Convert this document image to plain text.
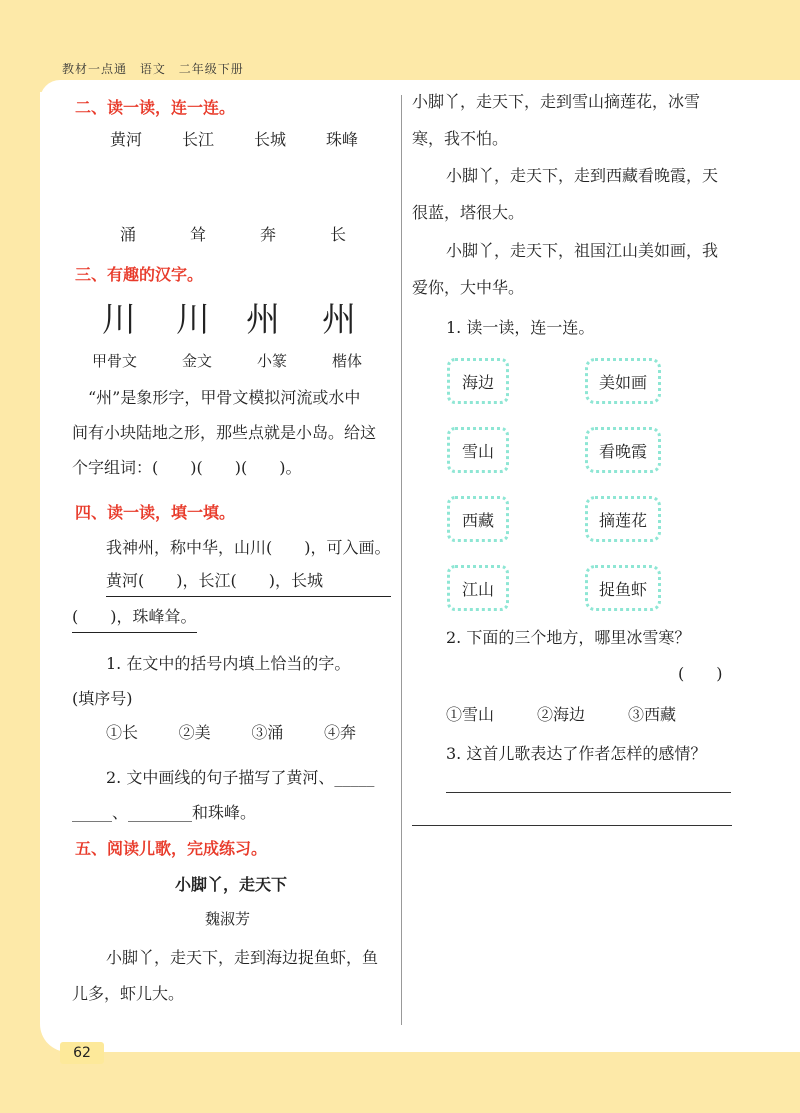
教材一点通 语文 二年级下册
二、读一读，连一连。
黄河 长江 长城 珠峰
涌	耸	奔	长
三、有趣的汉字。
川 川 州 州
甲骨文	金文	小篆	楷体
“州”是象形字，甲骨文模拟河流或水中
间有小块陆地之形，那些点就是小岛。给这
个字组词：(　　)(　　)(　　)。
四、读一读，填一填。
我神州，称中华，山川(　　)，可入画。
黄河(　　)，长江(　　)，长城
(　　)，珠峰耸。
1. 在文中的括号内填上恰当的字。
(填序号)
①长	②美	③涌	④奔
2. 文中画线的句子描写了黄河、_____
_____、________和珠峰。
五、阅读儿歌，完成练习。
小脚丫，走天下
魏淑芳
小脚丫，走天下，走到海边捉鱼虾，鱼
儿多，虾儿大。
小脚丫，走天下，走到雪山摘莲花，冰雪
寒，我不怕。
小脚丫，走天下，走到西藏看晚霞，天
很蓝，塔很大。
小脚丫，走天下，祖国江山美如画，我
爱你，大中华。
1. 读一读，连一连。
海边
雪山
西藏
江山
美如画
看晚霞
摘莲花
捉鱼虾
2. 下面的三个地方，哪里冰雪寒？
(　　)
①雪山	②海边	③西藏
3. 这首儿歌表达了作者怎样的感情？
62
